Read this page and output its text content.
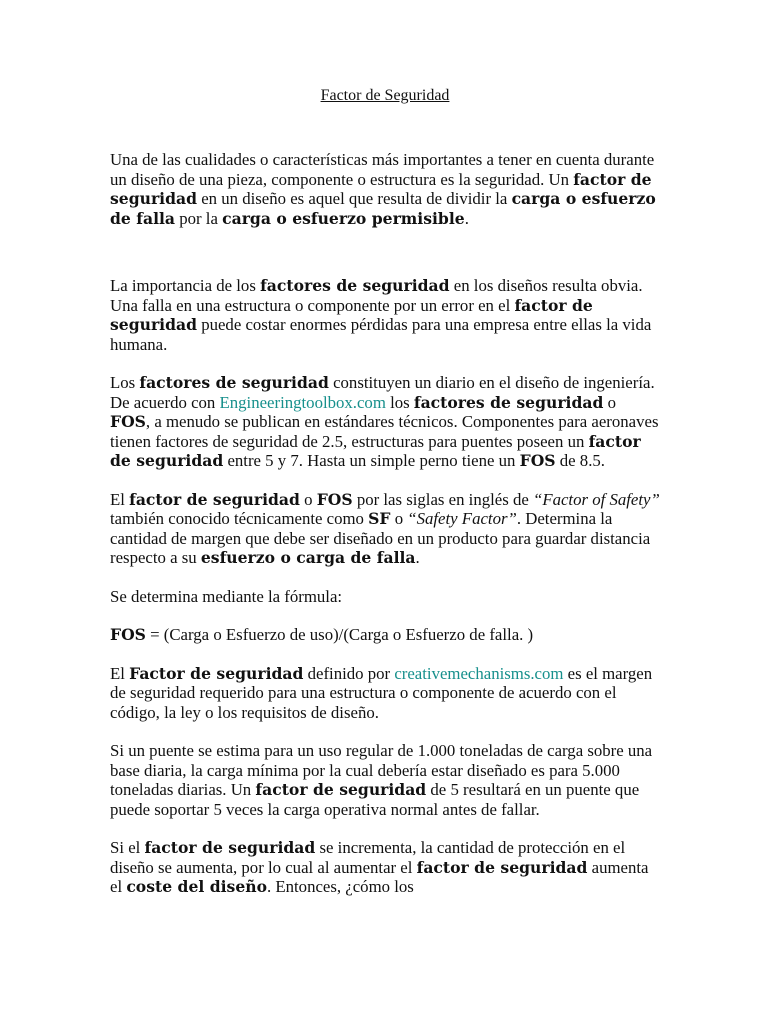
Factor de Seguridad

Una de las cualidades o características más importantes a tener en cuenta durante un diseño de una pieza, componente o estructura es la seguridad. Un factor de seguridad en un diseño es aquel que resulta de dividir la carga o esfuerzo de falla por la carga o esfuerzo permisible.

La importancia de los factores de seguridad en los diseños resulta obvia. Una falla en una estructura o componente por un error en el factor de seguridad puede costar enormes pérdidas para una empresa entre ellas la vida humana.

Los factores de seguridad constituyen un diario en el diseño de ingeniería. De acuerdo con Engineeringtoolbox.com los factores de seguridad o FOS, a menudo se publican en estándares técnicos. Componentes para aeronaves tienen factores de seguridad de 2.5, estructuras para puentes poseen un factor de seguridad entre 5 y 7. Hasta un simple perno tiene un FOS de 8.5.

El factor de seguridad o FOS por las siglas en inglés de “Factor of Safety” también conocido técnicamente como SF o “Safety Factor”. Determina la cantidad de margen que debe ser diseñado en un producto para guardar distancia respecto a su esfuerzo o carga de falla.

Se determina mediante la fórmula:

FOS = (Carga o Esfuerzo de uso)/(Carga o Esfuerzo de falla. )

El Factor de seguridad definido por creativemechanisms.com es el margen de seguridad requerido para una estructura o componente de acuerdo con el código, la ley o los requisitos de diseño.

Si un puente se estima para un uso regular de 1.000 toneladas de carga sobre una base diaria, la carga mínima por la cual debería estar diseñado es para 5.000 toneladas diarias. Un factor de seguridad de 5 resultará en un puente que puede soportar 5 veces la carga operativa normal antes de fallar.

Si el factor de seguridad se incrementa, la cantidad de protección en el diseño se aumenta, por lo cual al aumentar el factor de seguridad aumenta el coste del diseño. Entonces, ¿cómo los
